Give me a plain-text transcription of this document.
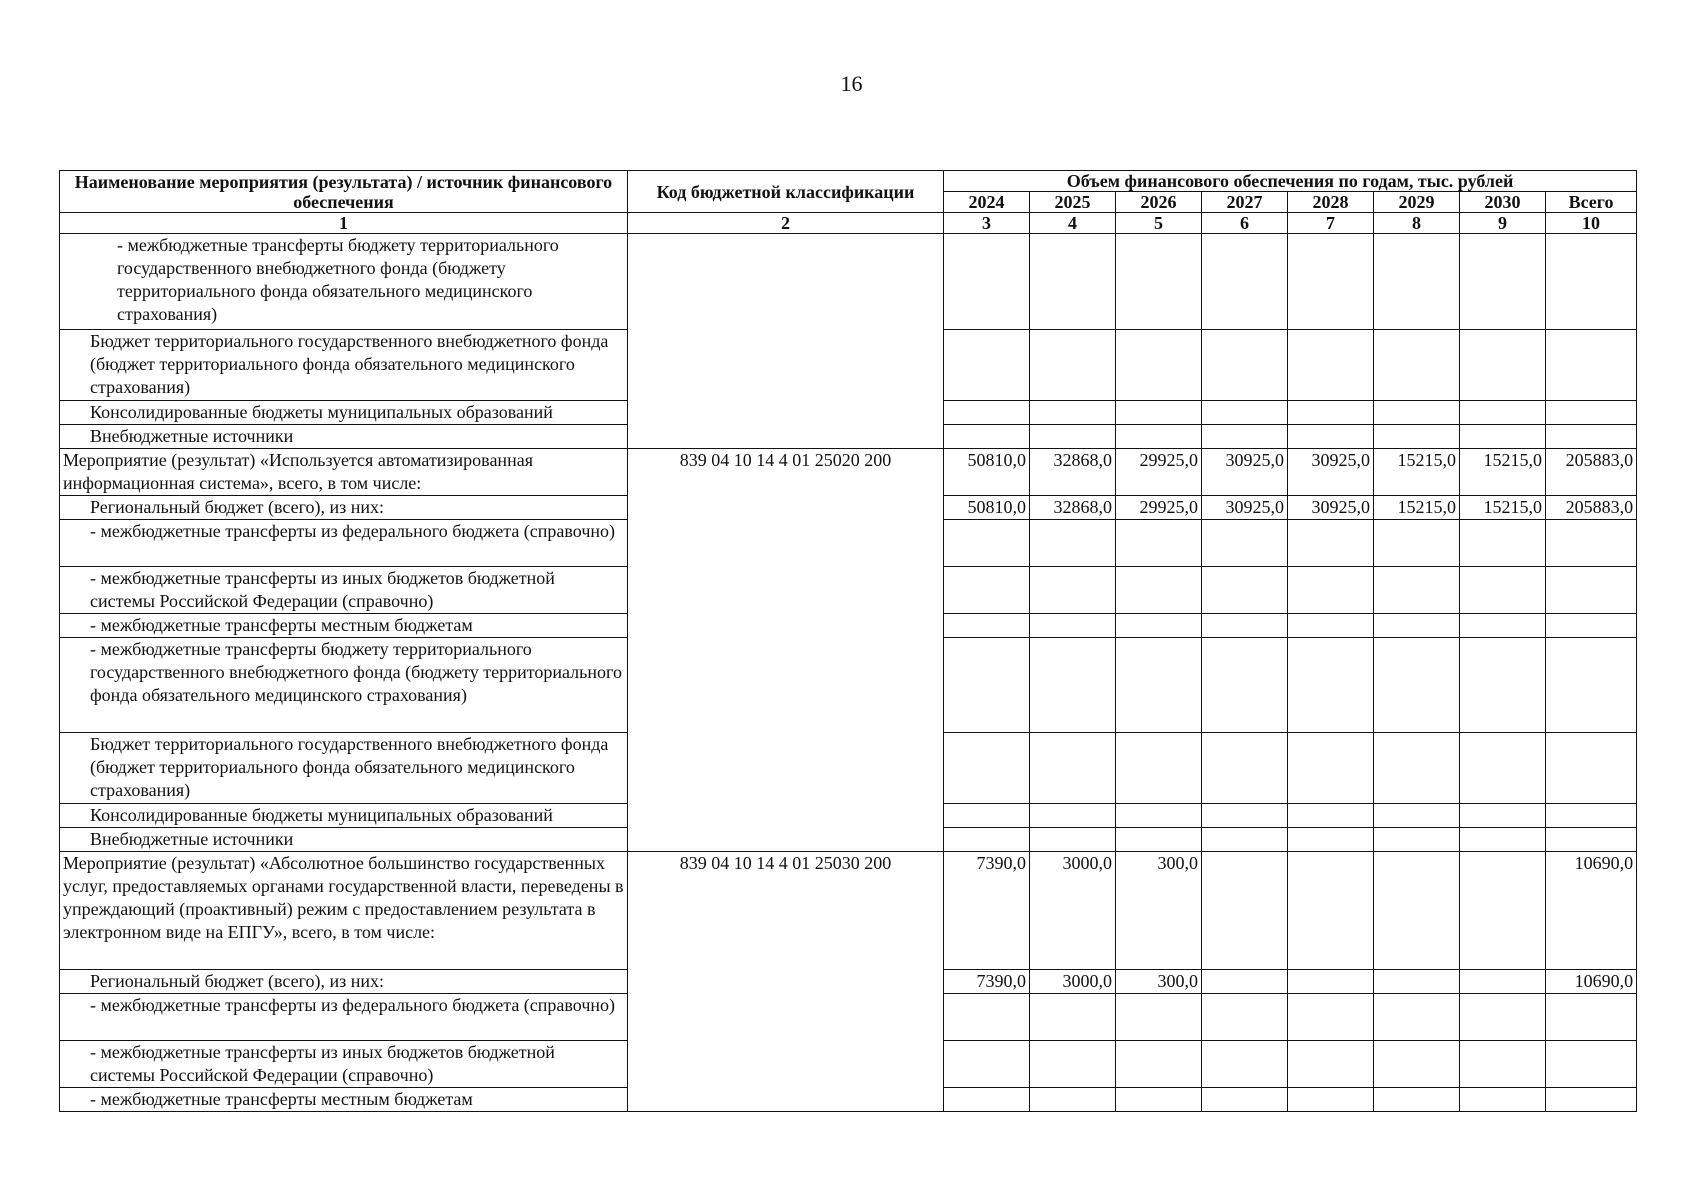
16
Наименование мероприятия (результата) / источник финансового обеспечения	Код бюджетной классификации	Объем финансового обеспечения по годам, тыс. рублей							
		2024	2025	2026	2027	2028	2029	2030	Всего
1	2	3	4	5	6	7	8	9	10
- межбюджетные трансферты бюджету территориального государственного внебюджетного фонда (бюджету территориального фонда обязательного медицинского страхования)									
Бюджет территориального государственного внебюджетного фонда (бюджет территориального фонда обязательного медицинского страхования)									
Консолидированные бюджеты муниципальных образований									
Внебюджетные источники									
Мероприятие (результат) «Используется автоматизированная информационная система», всего, в том числе:	839 04 10 14 4 01 25020 200	50810,0	32868,0	29925,0	30925,0	30925,0	15215,0	15215,0	205883,0
Региональный бюджет (всего), из них:		50810,0	32868,0	29925,0	30925,0	30925,0	15215,0	15215,0	205883,0
- межбюджетные трансферты из федерального бюджета (справочно)									
- межбюджетные трансферты из иных бюджетов бюджетной системы Российской Федерации (справочно)									
- межбюджетные трансферты местным бюджетам									
- межбюджетные трансферты бюджету территориального государственного внебюджетного фонда (бюджету территориального фонда обязательного медицинского страхования)									
Бюджет территориального государственного внебюджетного фонда (бюджет территориального фонда обязательного медицинского страхования)									
Консолидированные бюджеты муниципальных образований									
Внебюджетные источники									
Мероприятие (результат) «Абсолютное большинство государственных услуг, предоставляемых органами государственной власти, переведены в упреждающий (проактивный) режим с предоставлением результата в электронном виде на ЕПГУ», всего, в том числе:	839 04 10 14 4 01 25030 200	7390,0	3000,0	300,0					10690,0
Региональный бюджет (всего), из них:		7390,0	3000,0	300,0					10690,0
- межбюджетные трансферты из федерального бюджета (справочно)									
- межбюджетные трансферты из иных бюджетов бюджетной системы Российской Федерации (справочно)									
- межбюджетные трансферты местным бюджетам									
